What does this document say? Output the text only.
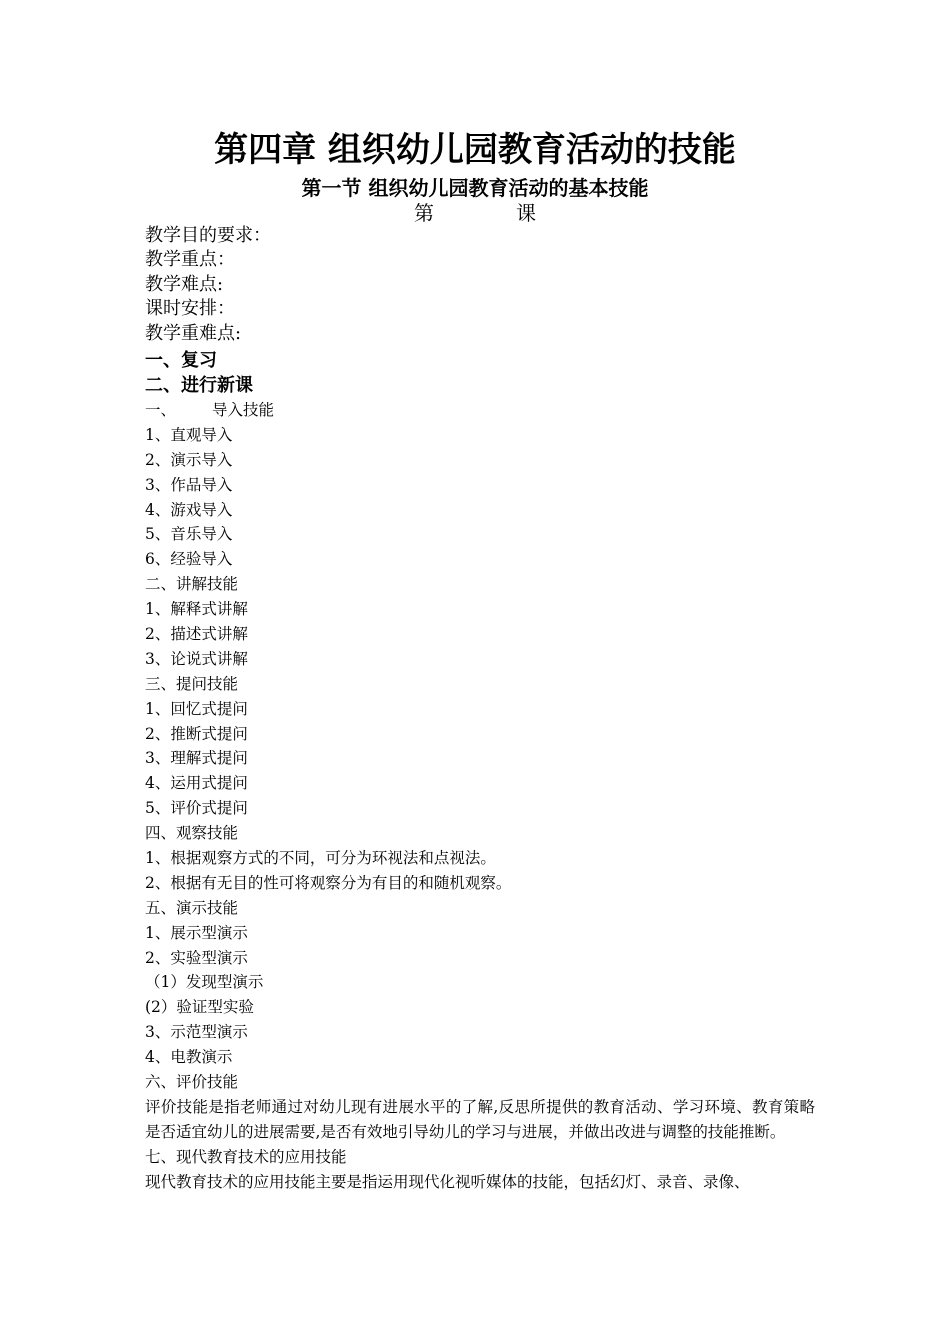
第四章 组织幼儿园教育活动的技能
第一节 组织幼儿园教育活动的基本技能
第	课
教学目的要求：
教学重点：
教学难点:
课时安排：
教学重难点:
一、复习
二、进行新课
一、 导入技能
1、直观导入
2、演示导入
3、作品导入
4、游戏导入
5、音乐导入
6、经验导入
二、讲解技能
1、解释式讲解
2、描述式讲解
3、论说式讲解
三、提问技能
1、回忆式提问
2、推断式提问
3、理解式提问
4、运用式提问
5、评价式提问
四、观察技能
1、根据观察方式的不同，可分为环视法和点视法。
2、根据有无目的性可将观察分为有目的和随机观察。
五、演示技能
1、展示型演示
2、实验型演示
（1）发现型演示
(2）验证型实验
3、示范型演示
4、电教演示
六、评价技能
评价技能是指老师通过对幼儿现有进展水平的了解,反思所提供的教育活动、学习环境、教育策略是否适宜幼儿的进展需要,是否有效地引导幼儿的学习与进展，并做出改进与调整的技能推断。
七、现代教育技术的应用技能
现代教育技术的应用技能主要是指运用现代化视听媒体的技能，包括幻灯、录音、录像、
